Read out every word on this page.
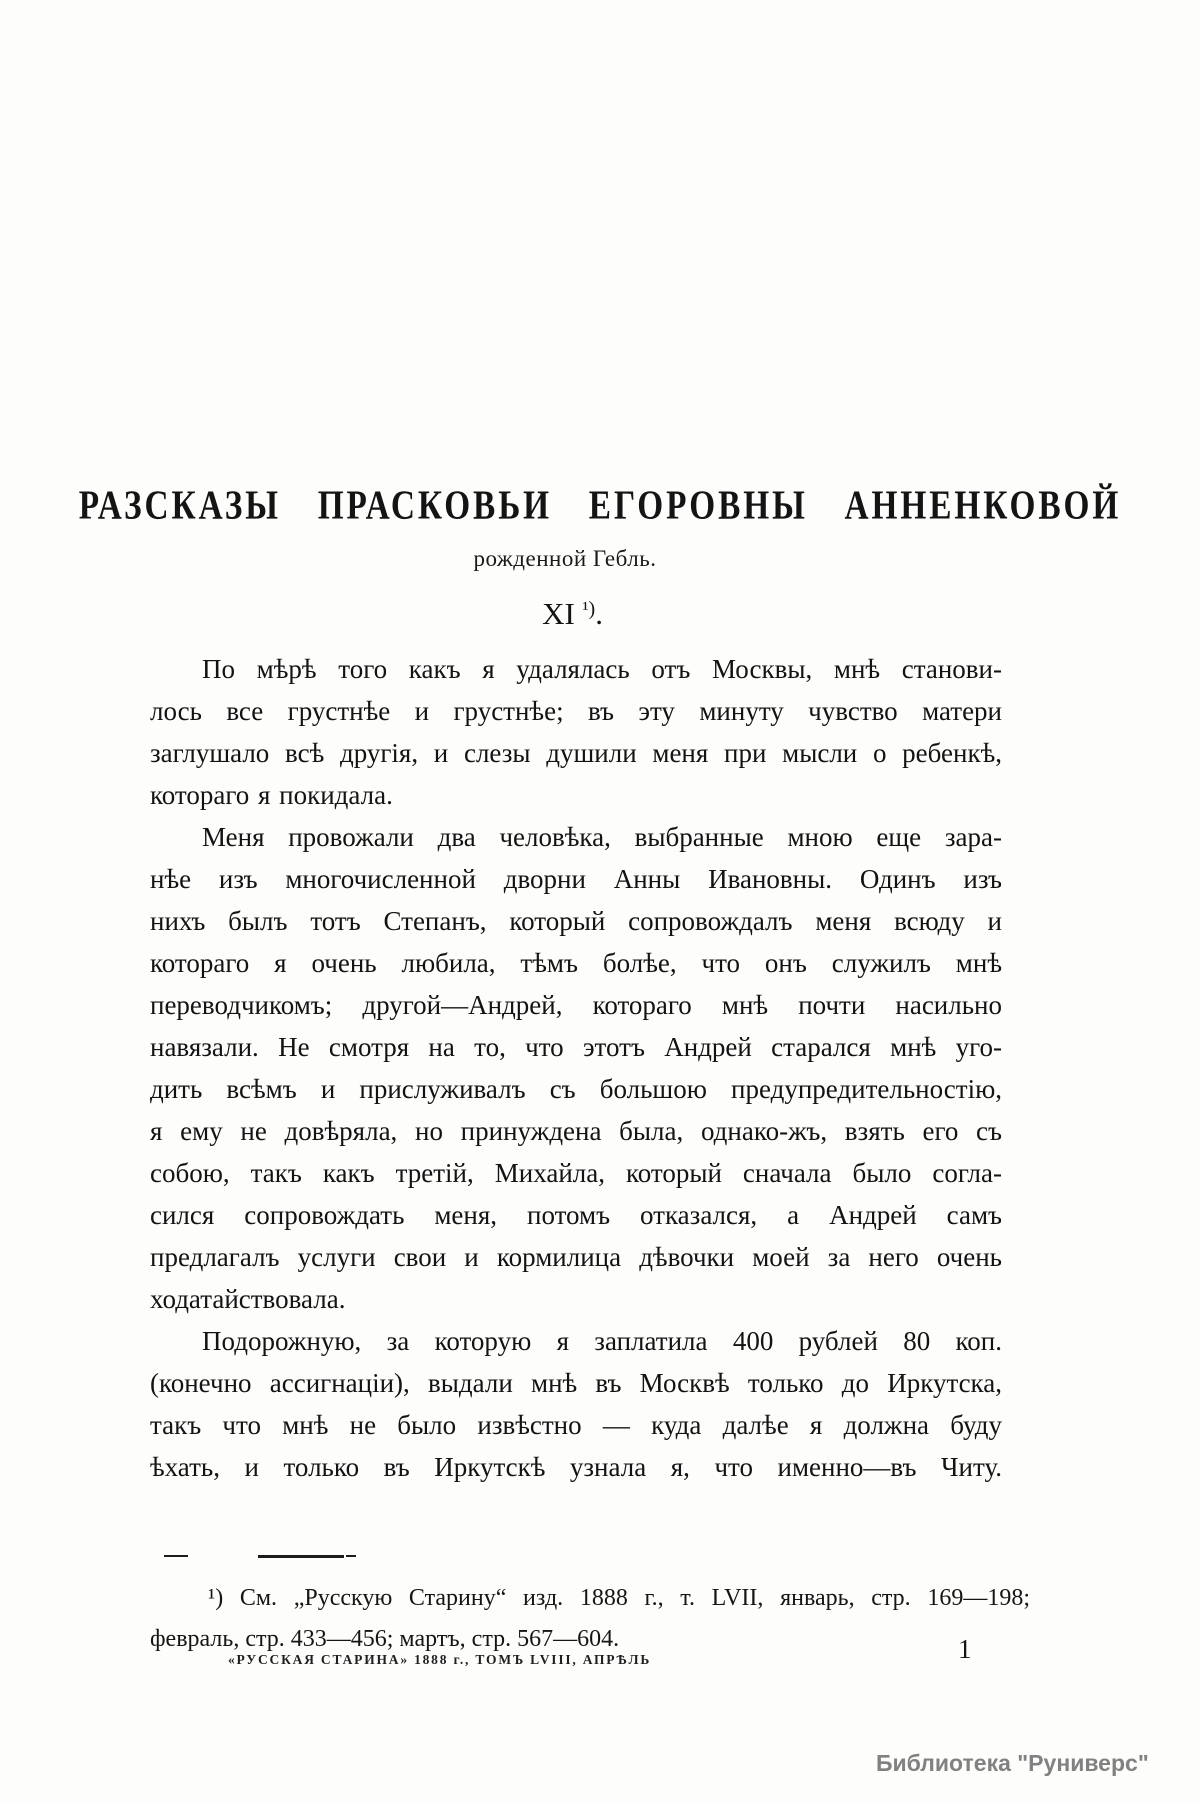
РАЗСКАЗЫ ПРАСКОВЬИ ЕГОРОВНЫ АННЕНКОВОЙ
рожденной Гебль.
XI $^{^1)}$.
По мѣрѣ того какъ я удалялась отъ Москвы, мнѣ станови-
лось все грустнѣе и грустнѣе; въ эту минуту чувство матери
заглушало всѣ другія, и слезы душили меня при мысли о ребенкѣ,
котораго я покидала.
Меня провожали два человѣка, выбранные мною еще зара-
нѣе изъ многочисленной дворни Анны Ивановны. Одинъ изъ
нихъ былъ тотъ Степанъ, который сопровождалъ меня всюду и
котораго я очень любила, тѣмъ болѣе, что онъ служилъ мнѣ
переводчикомъ; другой—Андрей, котораго мнѣ почти насильно
навязали. Не смотря на то, что этотъ Андрей старался мнѣ уго-
дить всѣмъ и прислуживалъ съ большою предупредительностію,
я ему не довѣряла, но принуждена была, однако-жъ, взять его съ
собою, такъ какъ третій, Михайла, который сначала было согла-
сился сопровождать меня, потомъ отказался, а Андрей самъ
предлагалъ услуги свои и кормилица дѣвочки моей за него очень
ходатайствовала.
Подорожную, за которую я заплатила 400 рублей 80 коп.
(конечно ассигнаціи), выдали мнѣ въ Москвѣ только до Иркутска,
такъ что мнѣ не было извѣстно — куда далѣе я должна буду
ѣхать, и только въ Иркутскѣ узнала я, что именно—въ Читу.
¹) См. „Русскую Старину“ изд. 1888 г., т. LVII, январь, стр. 169—198;
февраль, стр. 433—456; мартъ, стр. 567—604.
«РУССКАЯ СТАРИНА» 1888 г., ТОМЪ LVIII, АПРѢЛЬ	1
Библиотека "Руниверс"
